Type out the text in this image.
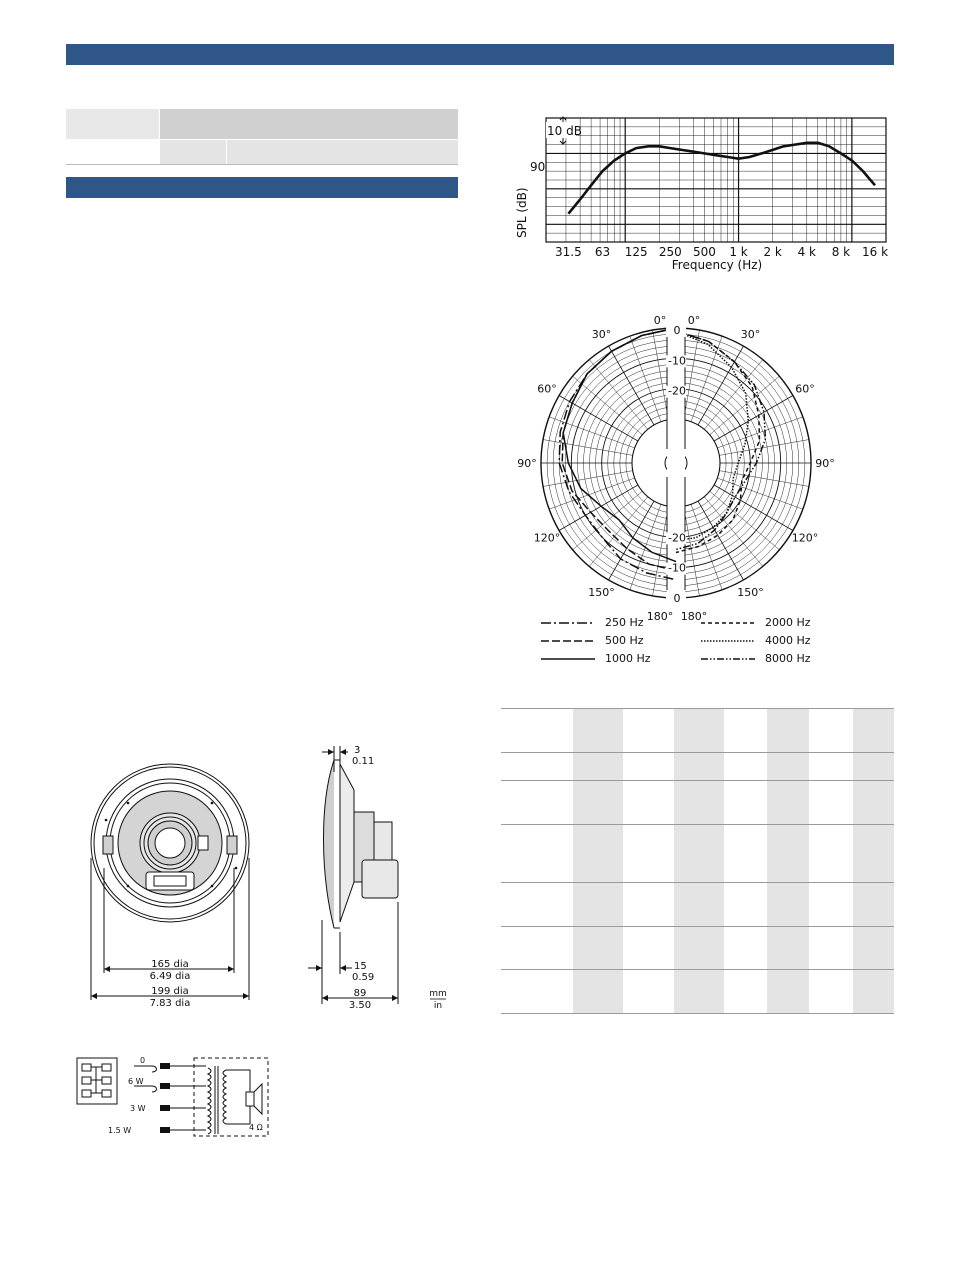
10 dB
90
SPL (dB)
31.5 63 125 250 500 1 k 2 k 4 k 8 k 16 k
Frequency (Hz)
0° 0°
30°	30°
60°	60°
90°	90°
120°	120°
150°	150°
180° 180°
0
-10
-20
-20
-10
0
250 Hz
500 Hz
1000 Hz
2000 Hz
4000 Hz
8000 Hz
165 dia
6.49 dia
199 dia
7.83 dia
3
0.11
15
0.59
89
3.50
mm
in
0
6 W
3 W
1.5 W	4 Ω
